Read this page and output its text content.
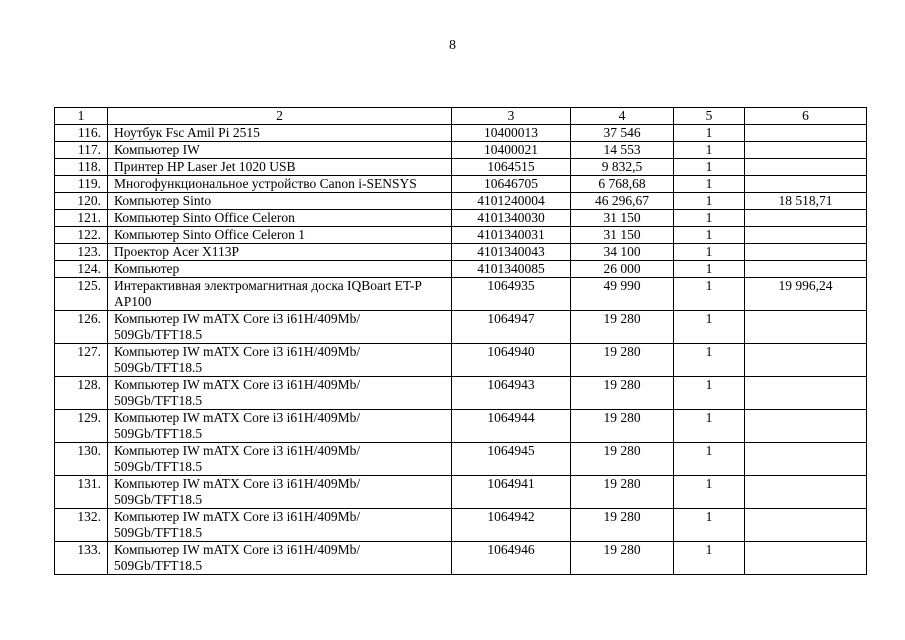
8
1	2	3	4	5	6
116.	Ноутбук Fsc Amil Pi 2515	10400013	37 546	1	
117.	Компьютер IW	10400021	14 553	1	
118.	Принтер HP Laser Jet 1020 USB	1064515	9 832,5	1	
119.	Многофункциональное устройство Canon i-SENSYS	10646705	6 768,68	1	
120.	Компьютер Sinto	4101240004	46 296,67	1	18 518,71
121.	Компьютер Sinto Office Celeron	4101340030	31 150	1	
122.	Компьютер Sinto Office Celeron 1	4101340031	31 150	1	
123.	Проектор Acer X113P	4101340043	34 100	1	
124.	Компьютер	4101340085	26 000	1	
125.	Интерактивная электромагнитная доска IQBoart ET-P AP100	1064935	49 990	1	19 996,24
126.	Компьютер IW mATX Core i3 i61H/409Mb/ 509Gb/TFT18.5	1064947	19 280	1	
127.	Компьютер IW mATX Core i3 i61H/409Mb/ 509Gb/TFT18.5	1064940	19 280	1	
128.	Компьютер IW mATX Core i3 i61H/409Mb/ 509Gb/TFT18.5	1064943	19 280	1	
129.	Компьютер IW mATX Core i3 i61H/409Mb/ 509Gb/TFT18.5	1064944	19 280	1	
130.	Компьютер IW mATX Core i3 i61H/409Mb/ 509Gb/TFT18.5	1064945	19 280	1	
131.	Компьютер IW mATX Core i3 i61H/409Mb/ 509Gb/TFT18.5	1064941	19 280	1	
132.	Компьютер IW mATX Core i3 i61H/409Mb/ 509Gb/TFT18.5	1064942	19 280	1	
133.	Компьютер IW mATX Core i3 i61H/409Mb/ 509Gb/TFT18.5	1064946	19 280	1	
